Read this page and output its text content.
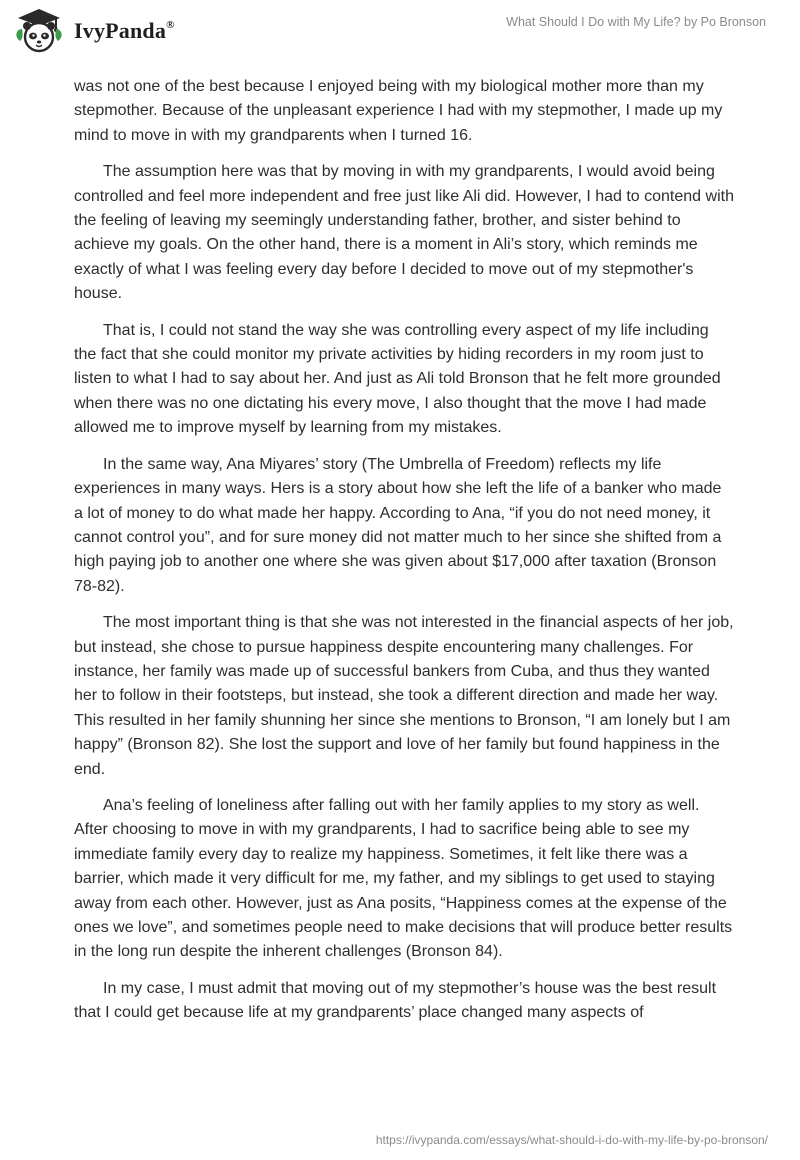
IvyPanda®	What Should I Do with My Life? by Po Bronson

was not one of the best because I enjoyed being with my biological mother more than my stepmother. Because of the unpleasant experience I had with my stepmother, I made up my mind to move in with my grandparents when I turned 16.

The assumption here was that by moving in with my grandparents, I would avoid being controlled and feel more independent and free just like Ali did. However, I had to contend with the feeling of leaving my seemingly understanding father, brother, and sister behind to achieve my goals. On the other hand, there is a moment in Ali’s story, which reminds me exactly of what I was feeling every day before I decided to move out of my stepmother's house.

That is, I could not stand the way she was controlling every aspect of my life including the fact that she could monitor my private activities by hiding recorders in my room just to listen to what I had to say about her. And just as Ali told Bronson that he felt more grounded when there was no one dictating his every move, I also thought that the move I had made allowed me to improve myself by learning from my mistakes.

In the same way, Ana Miyares’ story (The Umbrella of Freedom) reflects my life experiences in many ways. Hers is a story about how she left the life of a banker who made a lot of money to do what made her happy. According to Ana, “if you do not need money, it cannot control you”, and for sure money did not matter much to her since she shifted from a high paying job to another one where she was given about $17,000 after taxation (Bronson 78-82).

The most important thing is that she was not interested in the financial aspects of her job, but instead, she chose to pursue happiness despite encountering many challenges. For instance, her family was made up of successful bankers from Cuba, and thus they wanted her to follow in their footsteps, but instead, she took a different direction and made her way. This resulted in her family shunning her since she mentions to Bronson, “I am lonely but I am happy” (Bronson 82). She lost the support and love of her family but found happiness in the end.

Ana’s feeling of loneliness after falling out with her family applies to my story as well. After choosing to move in with my grandparents, I had to sacrifice being able to see my immediate family every day to realize my happiness. Sometimes, it felt like there was a barrier, which made it very difficult for me, my father, and my siblings to get used to staying away from each other. However, just as Ana posits, “Happiness comes at the expense of the ones we love”, and sometimes people need to make decisions that will produce better results in the long run despite the inherent challenges (Bronson 84).

In my case, I must admit that moving out of my stepmother’s house was the best result that I could get because life at my grandparents’ place changed many aspects of

https://ivypanda.com/essays/what-should-i-do-with-my-life-by-po-bronson/
